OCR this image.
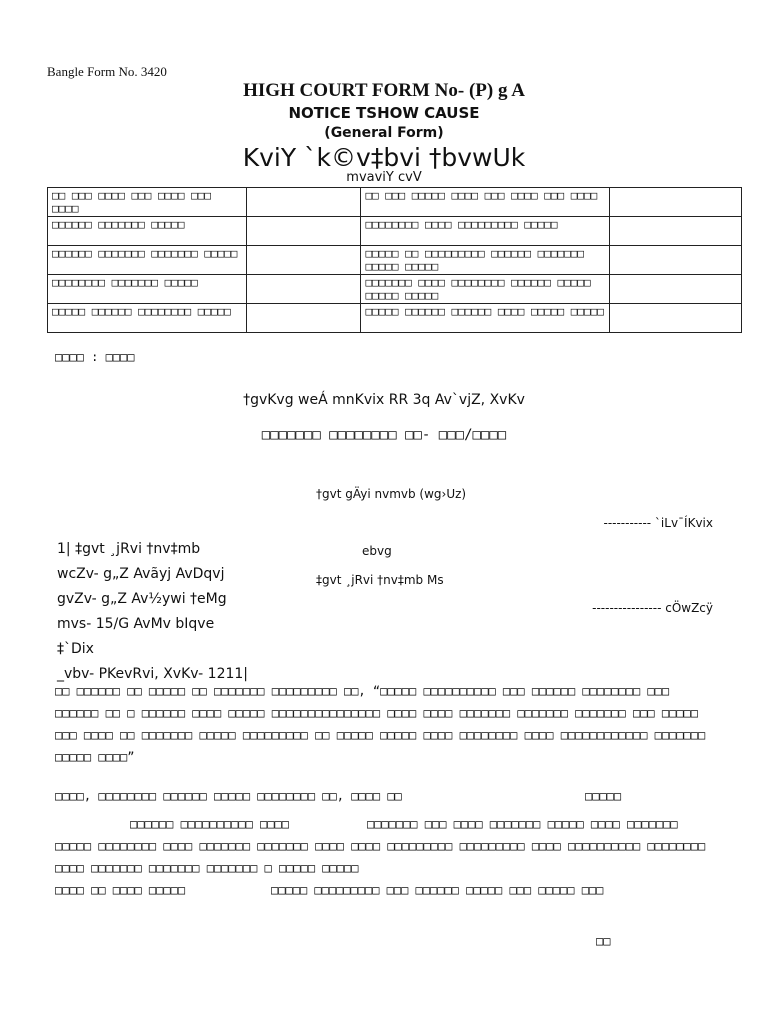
Bangle Form No. 3420
HIGH COURT FORM No- (P) g A
NOTICE TSHOW CAUSE
(General Form)
KviY `k©v‡bvi †bvwUk
mvaviY cvV
□□ □□□ □□□□ □□□ □□□□ □□□ □□□□		□□ □□□ □□□□□ □□□□ □□□ □□□□ □□□ □□□□	
□□□□□□ □□□□□□□ □□□□□		□□□□□□□□ □□□□ □□□□□□□□□ □□□□□	
□□□□□□ □□□□□□□ □□□□□□□ □□□□□		□□□□□ □□ □□□□□□□□□ □□□□□□ □□□□□□□ □□□□□ □□□□□	
□□□□□□□□ □□□□□□□ □□□□□		□□□□□□□ □□□□ □□□□□□□□ □□□□□□ □□□□□ □□□□□ □□□□□	
□□□□□ □□□□□□ □□□□□□□□ □□□□□		□□□□□ □□□□□□ □□□□□□ □□□□ □□□□□ □□□□□	
□□□□ : □□□□
†gvKvg weÁ mnKvix RR 3q Av`vjZ, XvKv
□□□□□□□ □□□□□□□□ □□- □□□/□□□□
†gvt gÄyi nvmvb (wg›Uz)
----------- `iLv¯ÍKvix
1| ‡gvt ¸jRvi †nv‡mb
wcZv- g„Z Avãyj AvDqvj
gvZv- g„Z Av½ywi †eMg
mvs- 15/G AvMv bIqve
‡`Dix
_vbv- PKevRvi, XvKv- 1211|
ebvg
‡gvt ¸jRvi †nv‡mb Ms
---------------- cÖwZcÿ
□□ □□□□□□ □□ □□□□□ □□ □□□□□□□ □□□□□□□□□ □□, “□□□□□ □□□□□□□□□□ □□□ □□□□□□ □□□□□□□□ □□□ □□□□□□ □□ □ □□□□□□ □□□□ □□□□□ □□□□□□□□□□□□□□□ □□□□ □□□□ □□□□□□□ □□□□□□□ □□□□□□□ □□□ □□□□□ □□□ □□□□ □□ □□□□□□□ □□□□□ □□□□□□□□□ □□ □□□□□ □□□□□ □□□□ □□□□□□□□ □□□□ □□□□□□□□□□□□ □□□□□□□ □□□□□ □□□□”
□□□□, □□□□□□□□ □□□□□□ □□□□□ □□□□□□□□ □□, □□□□ □□	□□□□□
□□□□□□ □□□□□□□□□□ □□□□	□□□□□□□ □□□ □□□□ □□□□□□□ □□□□□ □□□□ □□□□□□□ □□□□□ □□□□□□□□ □□□□ □□□□□□□ □□□□□□□ □□□□ □□□□ □□□□□□□□□ □□□□□□□□□ □□□□ □□□□□□□□□□ □□□□□□□□ □□□□ □□□□□□□ □□□□□□□ □□□□□□□ □ □□□□□ □□□□□
□□□□ □□ □□□□ □□□□□	□□□□□ □□□□□□□□□ □□□ □□□□□□ □□□□□ □□□ □□□□□ □□□
□□
